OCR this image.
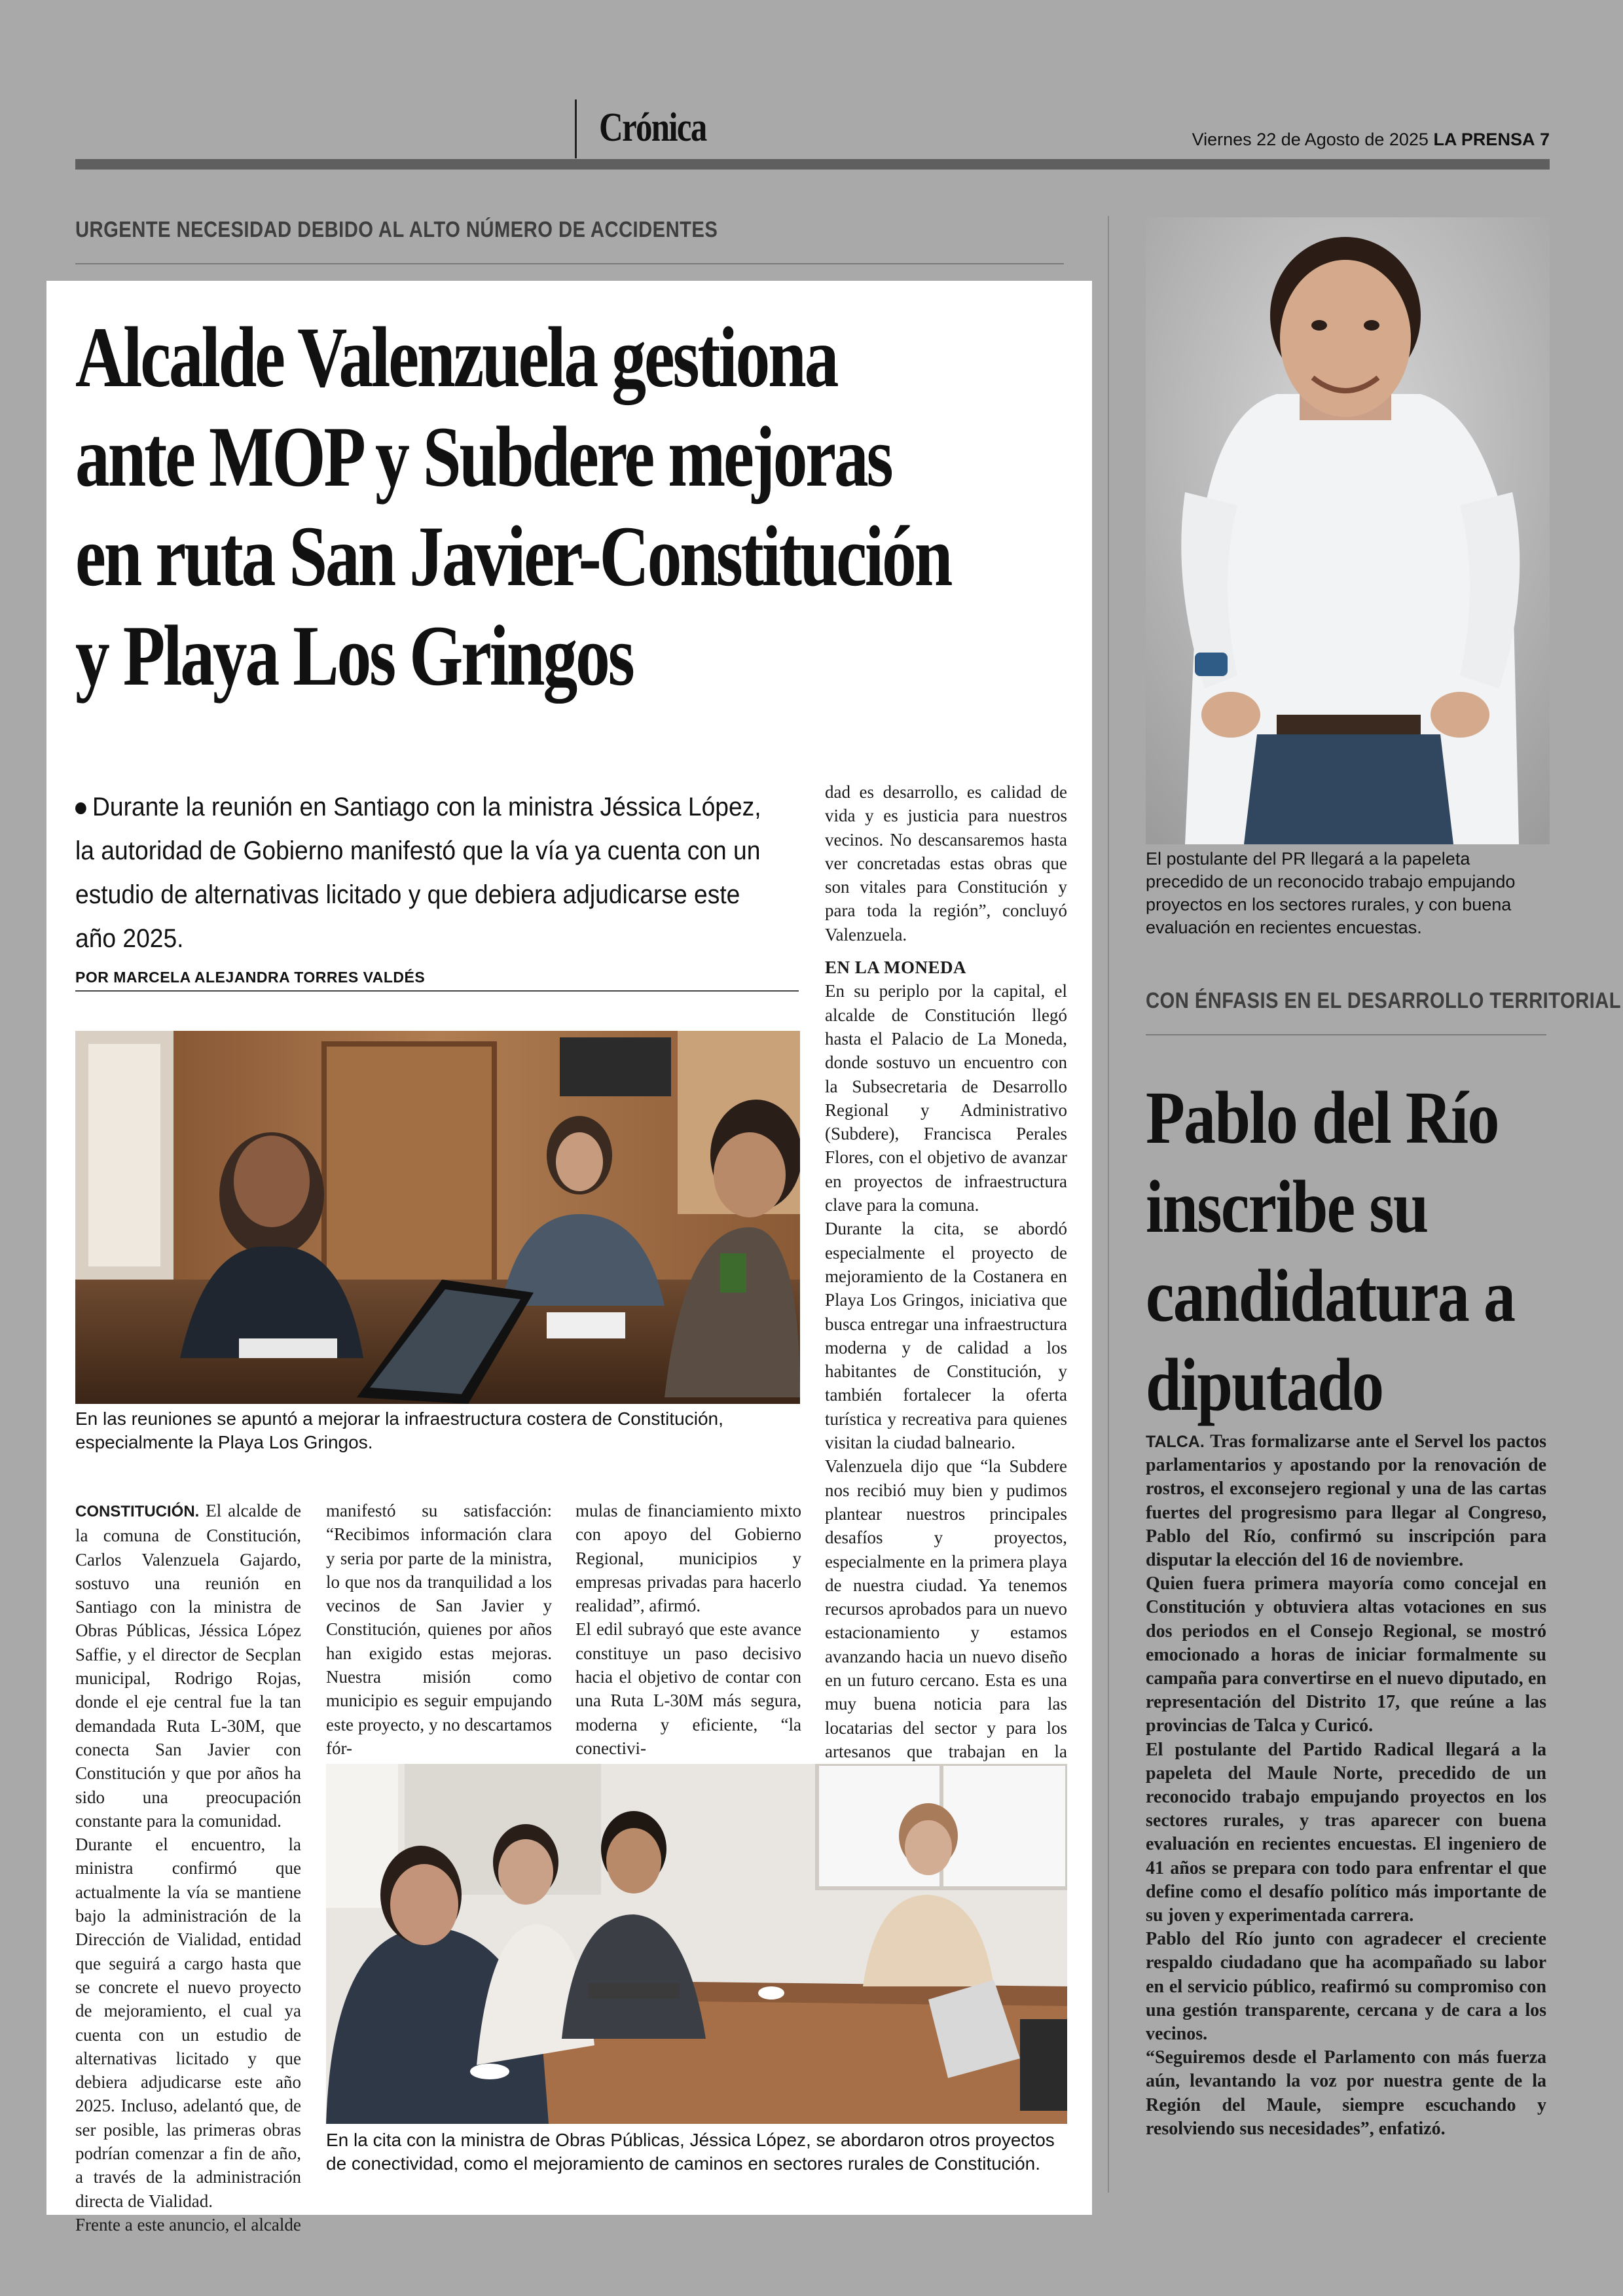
Crónica	Viernes 22 de Agosto de 2025 LA PRENSA 7
URGENTE NECESIDAD DEBIDO AL ALTO NÚMERO DE ACCIDENTES
Alcalde Valenzuela gestiona ante MOP y Subdere mejoras en ruta San Javier-Constitución y Playa Los Gringos
Durante la reunión en Santiago con la ministra Jéssica López, la autoridad de Gobierno manifestó que la vía ya cuenta con un estudio de alternativas licitado y que debiera adjudicarse este año 2025.
POR MARCELA ALEJANDRA TORRES VALDÉS
En las reuniones se apuntó a mejorar la infraestructura costera de Constitución, especialmente la Playa Los Gringos.

CONSTITUCIÓN. El alcalde de la comuna de Constitución, Carlos Valenzuela Gajardo, sostuvo una reunión en Santiago con la ministra de Obras Públicas, Jéssica López Saffie, y el director de Secplan municipal, Rodrigo Rojas, donde el eje central fue la tan demandada Ruta L-30M, que conecta San Javier con Constitución y que por años ha sido una preocupación constante para la comunidad.

Durante el encuentro, la ministra confirmó que actualmente la vía se mantiene bajo la administración de la Dirección de Vialidad, entidad que seguirá a cargo hasta que se concrete el nuevo proyecto de mejoramiento, el cual ya cuenta con un estudio de alternativas licitado y que debiera adjudicarse este año 2025. Incluso, adelantó que, de ser posible, las primeras obras podrían comenzar a fin de año, a través de la administración directa de Vialidad.

Frente a este anuncio, el alcalde

manifestó su satisfacción: “Recibimos información clara y seria por parte de la ministra, lo que nos da tranquilidad a los vecinos de San Javier y Constitución, quienes por años han exigido estas mejoras. Nuestra misión como municipio es seguir empujando este proyecto, y no descartamos fór-

mulas de financiamiento mixto con apoyo del Gobierno Regional, municipios y empresas privadas para hacerlo realidad”, afirmó.

El edil subrayó que este avance constituye un paso decisivo hacia el objetivo de contar con una Ruta L-30M más segura, moderna y eficiente, “la conectivi-

dad es desarrollo, es calidad de vida y es justicia para nuestros vecinos. No descansaremos hasta ver concretadas estas obras que son vitales para Constitución y para toda la región”, concluyó Valenzuela.

EN LA MONEDA

En su periplo por la capital, el alcalde de Constitución llegó hasta el Palacio de La Moneda, donde sostuvo un encuentro con la Subsecretaria de Desarrollo Regional y Administrativo (Subdere), Francisca Perales Flores, con el objetivo de avanzar en proyectos de infraestructura clave para la comuna.

Durante la cita, se abordó especialmente el proyecto de mejoramiento de la Costanera en Playa Los Gringos, iniciativa que busca entregar una infraestructura moderna y de calidad a los habitantes de Constitución, y también fortalecer la oferta turística y recreativa para quienes visitan la ciudad balneario.

Valenzuela dijo que “la Subdere nos recibió muy bien y pudimos plantear nuestros principales desafíos y proyectos, especialmente en la primera playa de nuestra ciudad. Ya tenemos recursos aprobados para un nuevo estacionamiento y estamos avanzando hacia un nuevo diseño en un futuro cercano. Esta es una muy buena noticia para las locatarias del sector y para los artesanos que trabajan en la

En la cita con la ministra de Obras Públicas, Jéssica López, se abordaron otros proyectos de conectividad, como el mejoramiento de caminos en sectores rurales de Constitución.
El postulante del PR llegará a la papeleta precedido de un reconocido trabajo empujando proyectos en los sectores rurales, y con buena evaluación en recientes encuestas.
CON ÉNFASIS EN EL DESARROLLO TERRITORIAL
Pablo del Río inscribe su candidatura a diputado

TALCA. Tras formalizarse ante el Servel los pactos parlamentarios y apostando por la renovación de rostros, el exconsejero regional y una de las cartas fuertes del progresismo para llegar al Congreso, Pablo del Río, confirmó su inscripción para disputar la elección del 16 de noviembre.

Quien fuera primera mayoría como concejal en Constitución y obtuviera altas votaciones en sus dos periodos en el Consejo Regional, se mostró emocionado a horas de iniciar formalmente su campaña para convertirse en el nuevo diputado, en representación del Distrito 17, que reúne a las provincias de Talca y Curicó.

El postulante del Partido Radical llegará a la papeleta del Maule Norte, precedido de un reconocido trabajo empujando proyectos en los sectores rurales, y tras aparecer con buena evaluación en recientes encuestas. El ingeniero de 41 años se prepara con todo para enfrentar el que define como el desafío político más importante de su joven y experimentada carrera.

Pablo del Río junto con agradecer el creciente respaldo ciudadano que ha acompañado su labor en el servicio público, reafirmó su compromiso con una gestión transparente, cercana y de cara a los vecinos.

“Seguiremos desde el Parlamento con más fuerza aún, levantando la voz por nuestra gente de la Región del Maule, siempre escuchando y resolviendo sus necesidades”, enfatizó.
